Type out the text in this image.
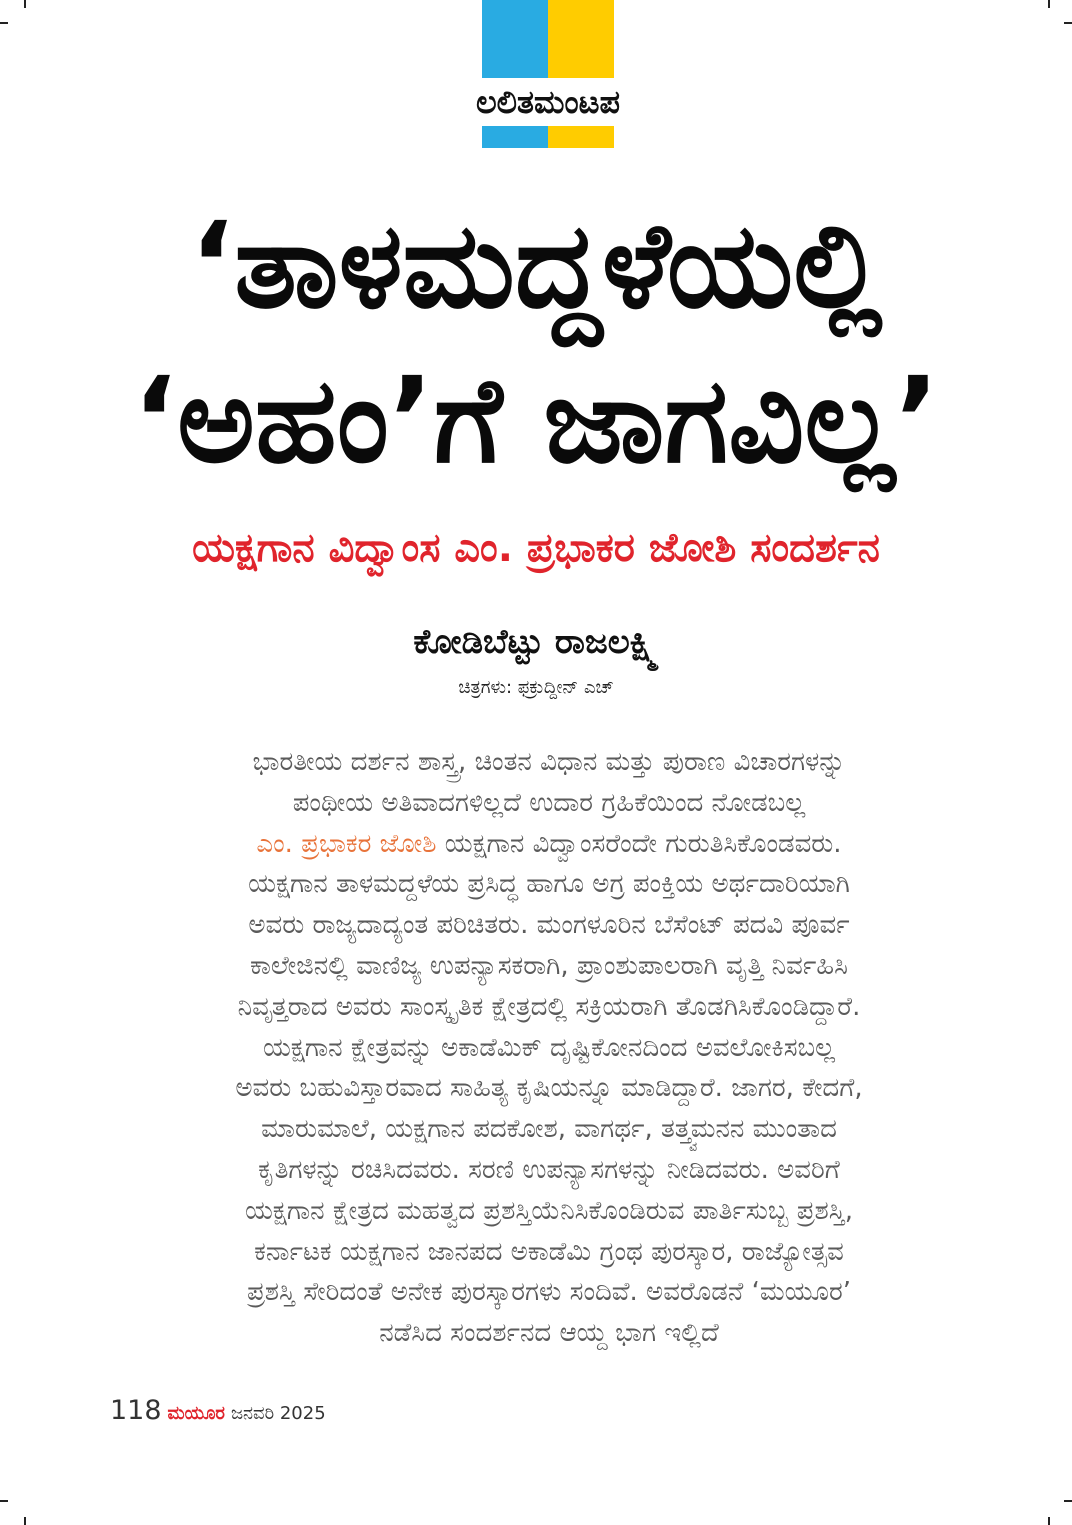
ಲಲಿತಮಂಟಪ
‘ತಾಳಮದ್ದಳೆಯಲ್ಲಿ
‘ಅಹಂ’ಗೆ ಜಾಗವಿಲ್ಲ’
ಯಕ್ಷಗಾನ ವಿದ್ವಾಂಸ ಎಂ. ಪ್ರಭಾಕರ ಜೋಶಿ ಸಂದರ್ಶನ
ಕೋಡಿಬೆಟ್ಟು ರಾಜಲಕ್ಷ್ಮಿ
ಚಿತ್ರಗಳು: ಫಕ್ರುದ್ದೀನ್ ಎಚ್
ಭಾರತೀಯ ದರ್ಶನ ಶಾಸ್ತ್ರ, ಚಿಂತನ ವಿಧಾನ ಮತ್ತು ಪುರಾಣ ವಿಚಾರಗಳನ್ನು
ಪಂಥೀಯ ಅತಿವಾದಗಳಿಲ್ಲದೆ ಉದಾರ ಗ್ರಹಿಕೆಯಿಂದ ನೋಡಬಲ್ಲ
ಎಂ. ಪ್ರಭಾಕರ ಜೋಶಿ ಯಕ್ಷಗಾನ ವಿದ್ವಾಂಸರೆಂದೇ ಗುರುತಿಸಿಕೊಂಡವರು.
ಯಕ್ಷಗಾನ ತಾಳಮದ್ದಳೆಯ ಪ್ರಸಿದ್ಧ ಹಾಗೂ ಅಗ್ರ ಪಂಕ್ತಿಯ ಅರ್ಥದಾರಿಯಾಗಿ
ಅವರು ರಾಜ್ಯದಾದ್ಯಂತ ಪರಿಚಿತರು. ಮಂಗಳೂರಿನ ಬೆಸೆಂಟ್ ಪದವಿ ಪೂರ್ವ
ಕಾಲೇಜಿನಲ್ಲಿ ವಾಣಿಜ್ಯ ಉಪನ್ಯಾಸಕರಾಗಿ, ಪ್ರಾಂಶುಪಾಲರಾಗಿ ವೃತ್ತಿ ನಿರ್ವಹಿಸಿ
ನಿವೃತ್ತರಾದ ಅವರು ಸಾಂಸ್ಕೃತಿಕ ಕ್ಷೇತ್ರದಲ್ಲಿ ಸಕ್ರಿಯರಾಗಿ ತೊಡಗಿಸಿಕೊಂಡಿದ್ದಾರೆ.
ಯಕ್ಷಗಾನ ಕ್ಷೇತ್ರವನ್ನು ಅಕಾಡೆಮಿಕ್ ದೃಷ್ಟಿಕೋನದಿಂದ ಅವಲೋಕಿಸಬಲ್ಲ
ಅವರು ಬಹುವಿಸ್ತಾರವಾದ ಸಾಹಿತ್ಯ ಕೃಷಿಯನ್ನೂ ಮಾಡಿದ್ದಾರೆ. ಜಾಗರ, ಕೇದಗೆ,
ಮಾರುಮಾಲೆ, ಯಕ್ಷಗಾನ ಪದಕೋಶ, ವಾಗರ್ಥ, ತತ್ತ್ವಮನನ ಮುಂತಾದ
ಕೃತಿಗಳನ್ನು ರಚಿಸಿದವರು. ಸರಣಿ ಉಪನ್ಯಾಸಗಳನ್ನು ನೀಡಿದವರು. ಅವರಿಗೆ
ಯಕ್ಷಗಾನ ಕ್ಷೇತ್ರದ ಮಹತ್ವದ ಪ್ರಶಸ್ತಿಯೆನಿಸಿಕೊಂಡಿರುವ ಪಾರ್ತಿಸುಬ್ಬ ಪ್ರಶಸ್ತಿ,
ಕರ್ನಾಟಕ ಯಕ್ಷಗಾನ ಜಾನಪದ ಅಕಾಡೆಮಿ ಗ್ರಂಥ ಪುರಸ್ಕಾರ, ರಾಜ್ಯೋತ್ಸವ
ಪ್ರಶಸ್ತಿ ಸೇರಿದಂತೆ ಅನೇಕ ಪುರಸ್ಕಾರಗಳು ಸಂದಿವೆ. ಅವರೊಡನೆ ‘ಮಯೂರ’
ನಡೆಸಿದ ಸಂದರ್ಶನದ ಆಯ್ದ ಭಾಗ ಇಲ್ಲಿದೆ
118 ಮಯೂರ ಜನವರಿ 2025
